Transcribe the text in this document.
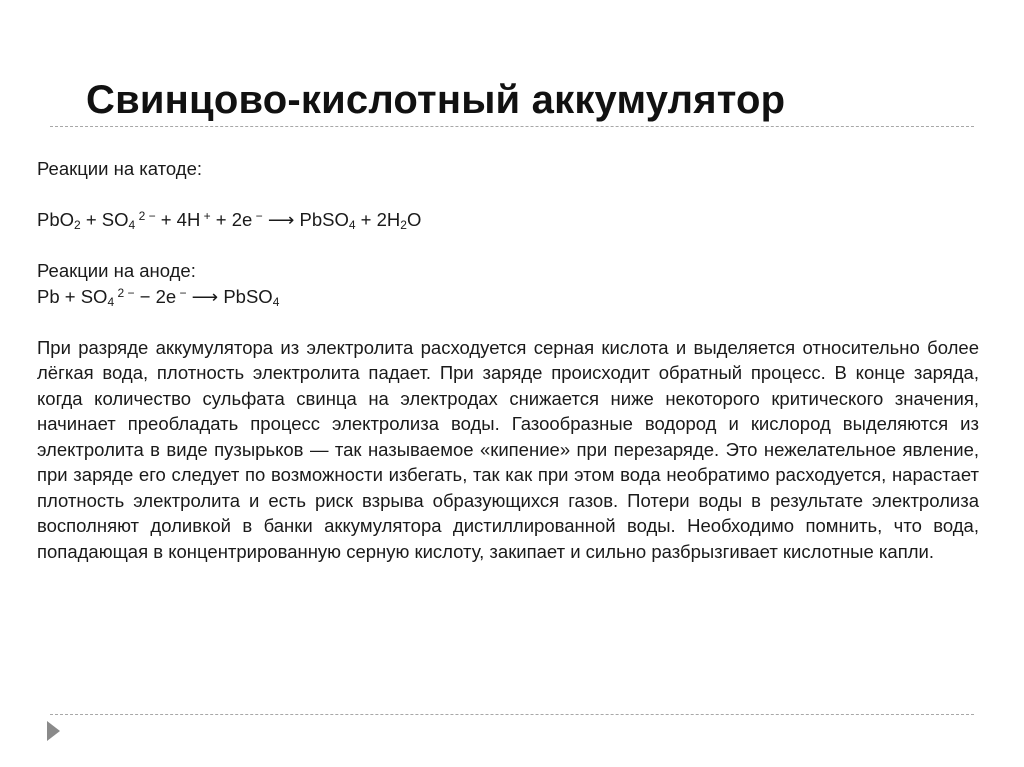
Свинцово-кислотный аккумулятор
Реакции на катоде:
$PbO_2 + SO_4$ $^{2 -}$ + 4H + + 2e − ⟶ PbSO$_4$ + $2H_2O$
Реакции на аноде:
$Pb + SO_4$ $^{2 -}$ − 2e − ⟶ PbSO$_4$
При разряде аккумулятора из электролита расходуется серная кислота и выделяется относительно более лёгкая вода, плотность электролита падает. При заряде происходит обратный процесс. В конце заряда, когда количество сульфата свинца на электродах снижается ниже некоторого критического значения, начинает преобладать процесс электролиза воды. Газообразные водород и кислород выделяются из электролита в виде пузырьков — так называемое «кипение» при перезаряде. Это нежелательное явление, при заряде его следует по возможности избегать, так как при этом вода необратимо расходуется, нарастает плотность электролита и есть риск взрыва образующихся газов. Потери воды в результате электролиза восполняют доливкой в банки аккумулятора дистиллированной воды. Необходимо помнить, что вода, попадающая в концентрированную серную кислоту, закипает и сильно разбрызгивает кислотные капли.
